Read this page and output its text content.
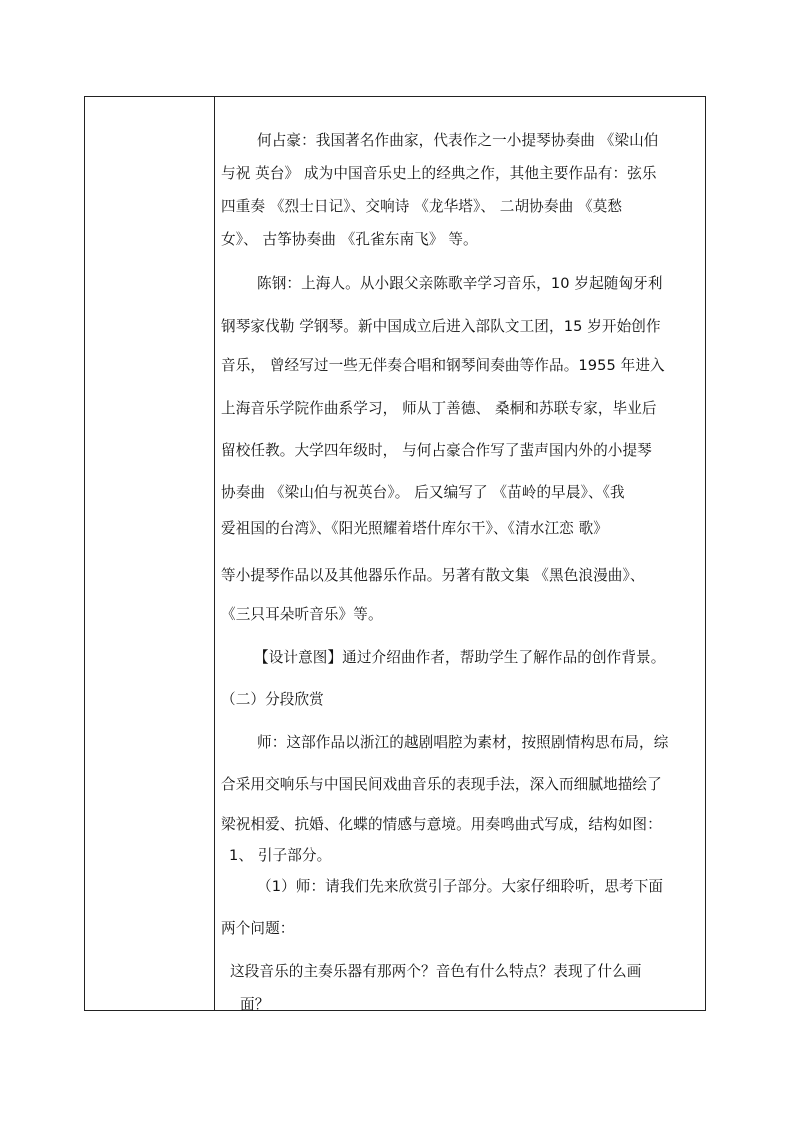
何占豪：我国著名作曲家，代表作之一小提琴协奏曲 《梁山伯
与祝 英台》 成为中国音乐史上的经典之作，其他主要作品有：弦乐
四重奏 《烈士日记》、交响诗 《龙华塔》、 二胡协奏曲 《莫愁
女》、 古筝协奏曲 《孔雀东南飞》 等。
陈钢：上海人。从小跟父亲陈歌辛学习音乐，10 岁起随匈牙利
钢琴家伐勒 学钢琴。新中国成立后进入部队文工团，15 岁开始创作
音乐， 曾经写过一些无伴奏合唱和钢琴间奏曲等作品。1955 年进入
上海音乐学院作曲系学习， 师从丁善德、 桑桐和苏联专家，毕业后
留校任教。大学四年级时， 与何占豪合作写了蜚声国内外的小提琴
协奏曲 《梁山伯与祝英台》。 后又编写了 《苗岭的早晨》、《我
爱祖国的台湾》、《阳光照耀着塔什库尔干》、《清水江恋 歌》
等小提琴作品以及其他器乐作品。另著有散文集 《黑色浪漫曲》、
《三只耳朵听音乐》等。
【设计意图】通过介绍曲作者，帮助学生了解作品的创作背景。
（二）分段欣赏
师：这部作品以浙江的越剧唱腔为素材，按照剧情构思布局，综
合采用交响乐与中国民间戏曲音乐的表现手法，深入而细腻地描绘了
梁祝相爱、抗婚、化蝶的情感与意境。用奏鸣曲式写成，结构如图：
1、 引子部分。
（1）师：请我们先来欣赏引子部分。大家仔细聆听，思考下面
两个问题：
这段音乐的主奏乐器有那两个？音色有什么特点？表现了什么画
面？
